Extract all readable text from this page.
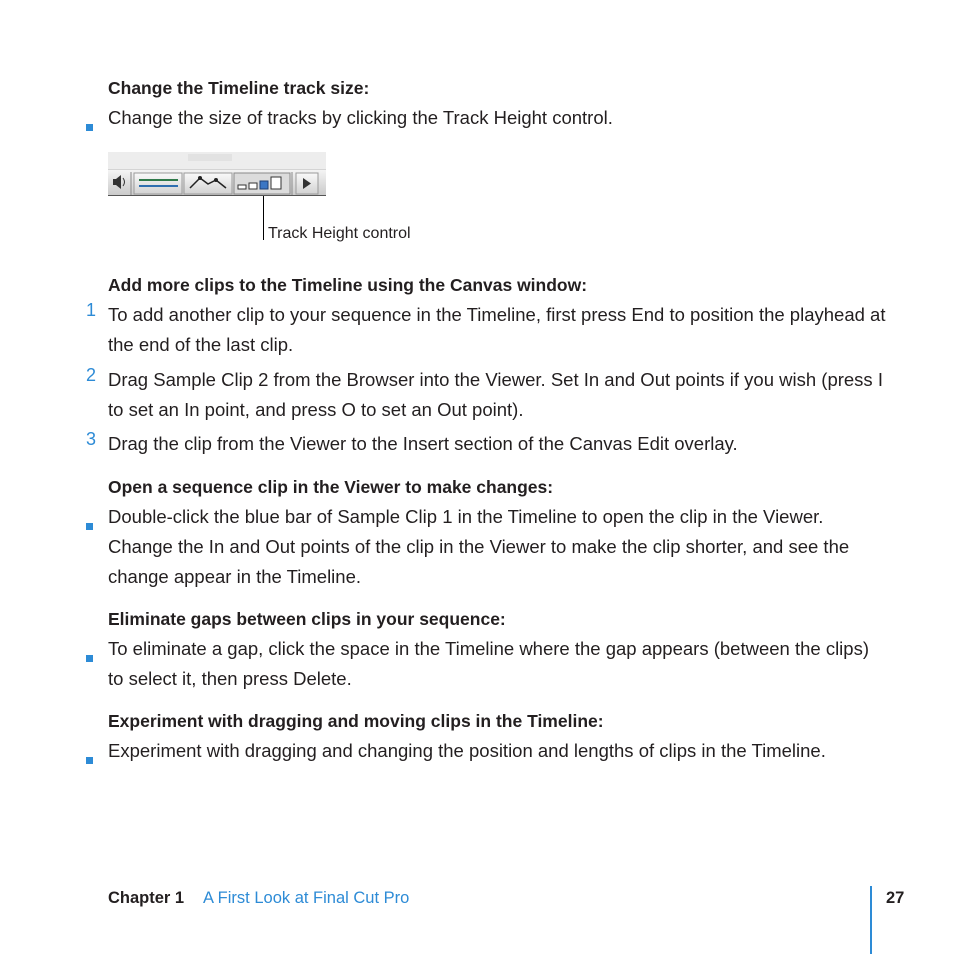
Change the Timeline track size:
Change the size of tracks by clicking the Track Height control.
Track Height control
Add more clips to the Timeline using the Canvas window:
1 To add another clip to your sequence in the Timeline, first press End to position the playhead at the end of the last clip.
2 Drag Sample Clip 2 from the Browser into the Viewer. Set In and Out points if you wish (press I to set an In point, and press O to set an Out point).
3 Drag the clip from the Viewer to the Insert section of the Canvas Edit overlay.
Open a sequence clip in the Viewer to make changes:
Double-click the blue bar of Sample Clip 1 in the Timeline to open the clip in the Viewer. Change the In and Out points of the clip in the Viewer to make the clip shorter, and see the change appear in the Timeline.
Eliminate gaps between clips in your sequence:
To eliminate a gap, click the space in the Timeline where the gap appears (between the clips) to select it, then press Delete.
Experiment with dragging and moving clips in the Timeline:
Experiment with dragging and changing the position and lengths of clips in the Timeline.
Chapter 1 A First Look at Final Cut Pro	27
